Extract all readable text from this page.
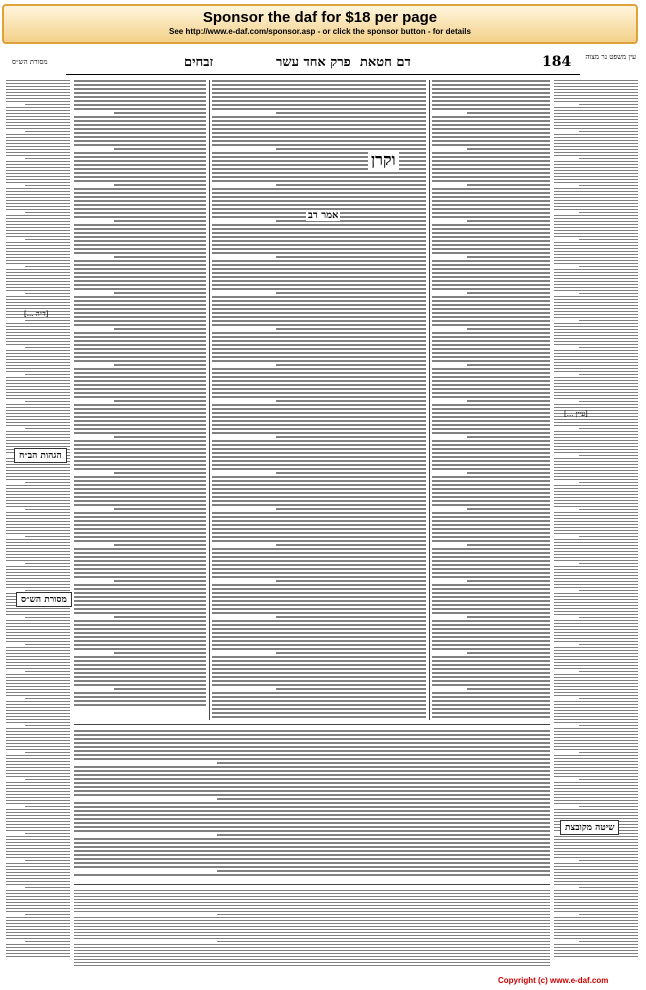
Sponsor the daf for $18 per page
See http://www.e-daf.com/sponsor.asp - or click the sponsor button - for details
מסורת הש״ס	זבחים	פרק אחד עשר דם חטאת	184	עין משפט נר מצוה
[ד״ה ...]
הגהות הב״ח
מסורת הש״ס
וקרן
אמר רב
[עיין ...]
שיטה מקובצת
Copyright (c) www.e-daf.com
